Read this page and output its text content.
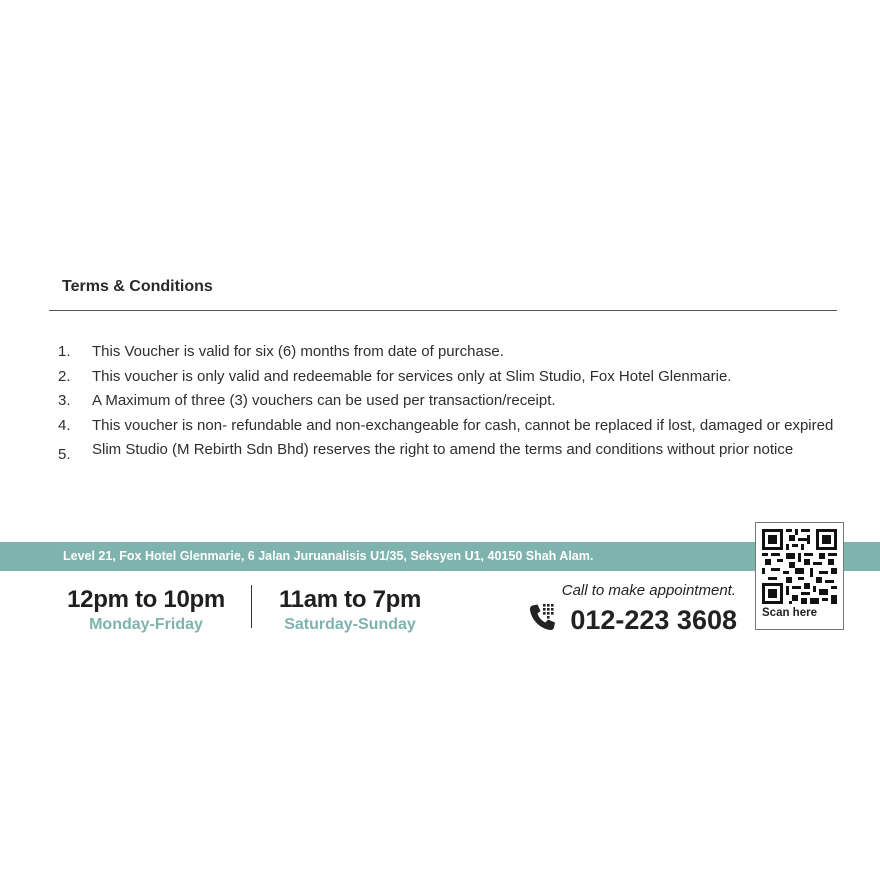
Terms & Conditions
1.	This Voucher is valid for six (6) months from date of purchase.
2.	This voucher is only valid and redeemable for services only at Slim Studio, Fox Hotel Glenmarie.
3.	A Maximum of three (3) vouchers can be used per transaction/receipt.
4.	This voucher is non- refundable and non-exchangeable for cash, cannot be replaced if lost, damaged or expired
5.	Slim Studio (M Rebirth Sdn Bhd) reserves the right to amend the terms and conditions without prior notice
Level 21, Fox Hotel Glenmarie, 6 Jalan Juruanalisis U1/35, Seksyen U1, 40150 Shah Alam.
12pm to 10pm
Monday-Friday
11am to 7pm
Saturday-Sunday
Call to make appointment.
012-223 3608 Scan here
